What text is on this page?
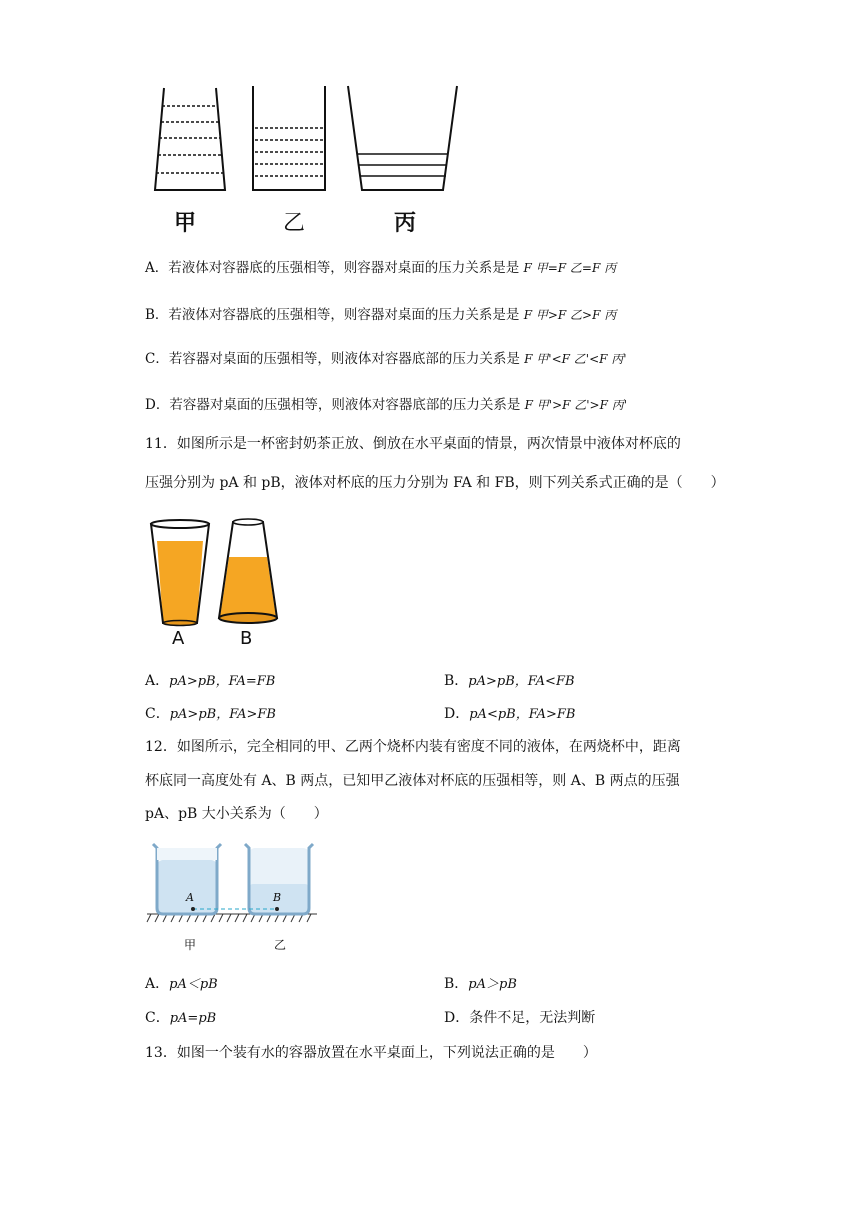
甲	乙	丙
A．若液体对容器底的压强相等，则容器对桌面的压力关系是是 F 甲=F 乙=F 丙
B．若液体对容器底的压强相等，则容器对桌面的压力关系是是 F 甲>F 乙>F 丙
C．若容器对桌面的压强相等，则液体对容器底部的压力关系是 F 甲'<F 乙'<F 丙'
D．若容器对桌面的压强相等，则液体对容器底部的压力关系是 F 甲'>F 乙'>F 丙'
11．如图所示是一杯密封奶茶正放、倒放在水平桌面的情景，两次情景中液体对杯底的
压强分别为 pA 和 pB，液体对杯底的压力分别为 FA 和 FB，则下列关系式正确的是（　　）
A	B
A．pA>pB，FA=FB	B．pA>pB，FA<FB
C．pA>pB，FA>FB	D．pA<pB，FA>FB
12．如图所示，完全相同的甲、乙两个烧杯内装有密度不同的液体，在两烧杯中，距离
杯底同一高度处有 A、B 两点，已知甲乙液体对杯底的压强相等，则 A、B 两点的压强
pA、pB 大小关系为（　　）
A	B
甲	乙
A．pA＜pB	B．pA＞pB
C．pA=pB	D．条件不足，无法判断
13．如图一个装有水的容器放置在水平桌面上，下列说法正确的是　　）
